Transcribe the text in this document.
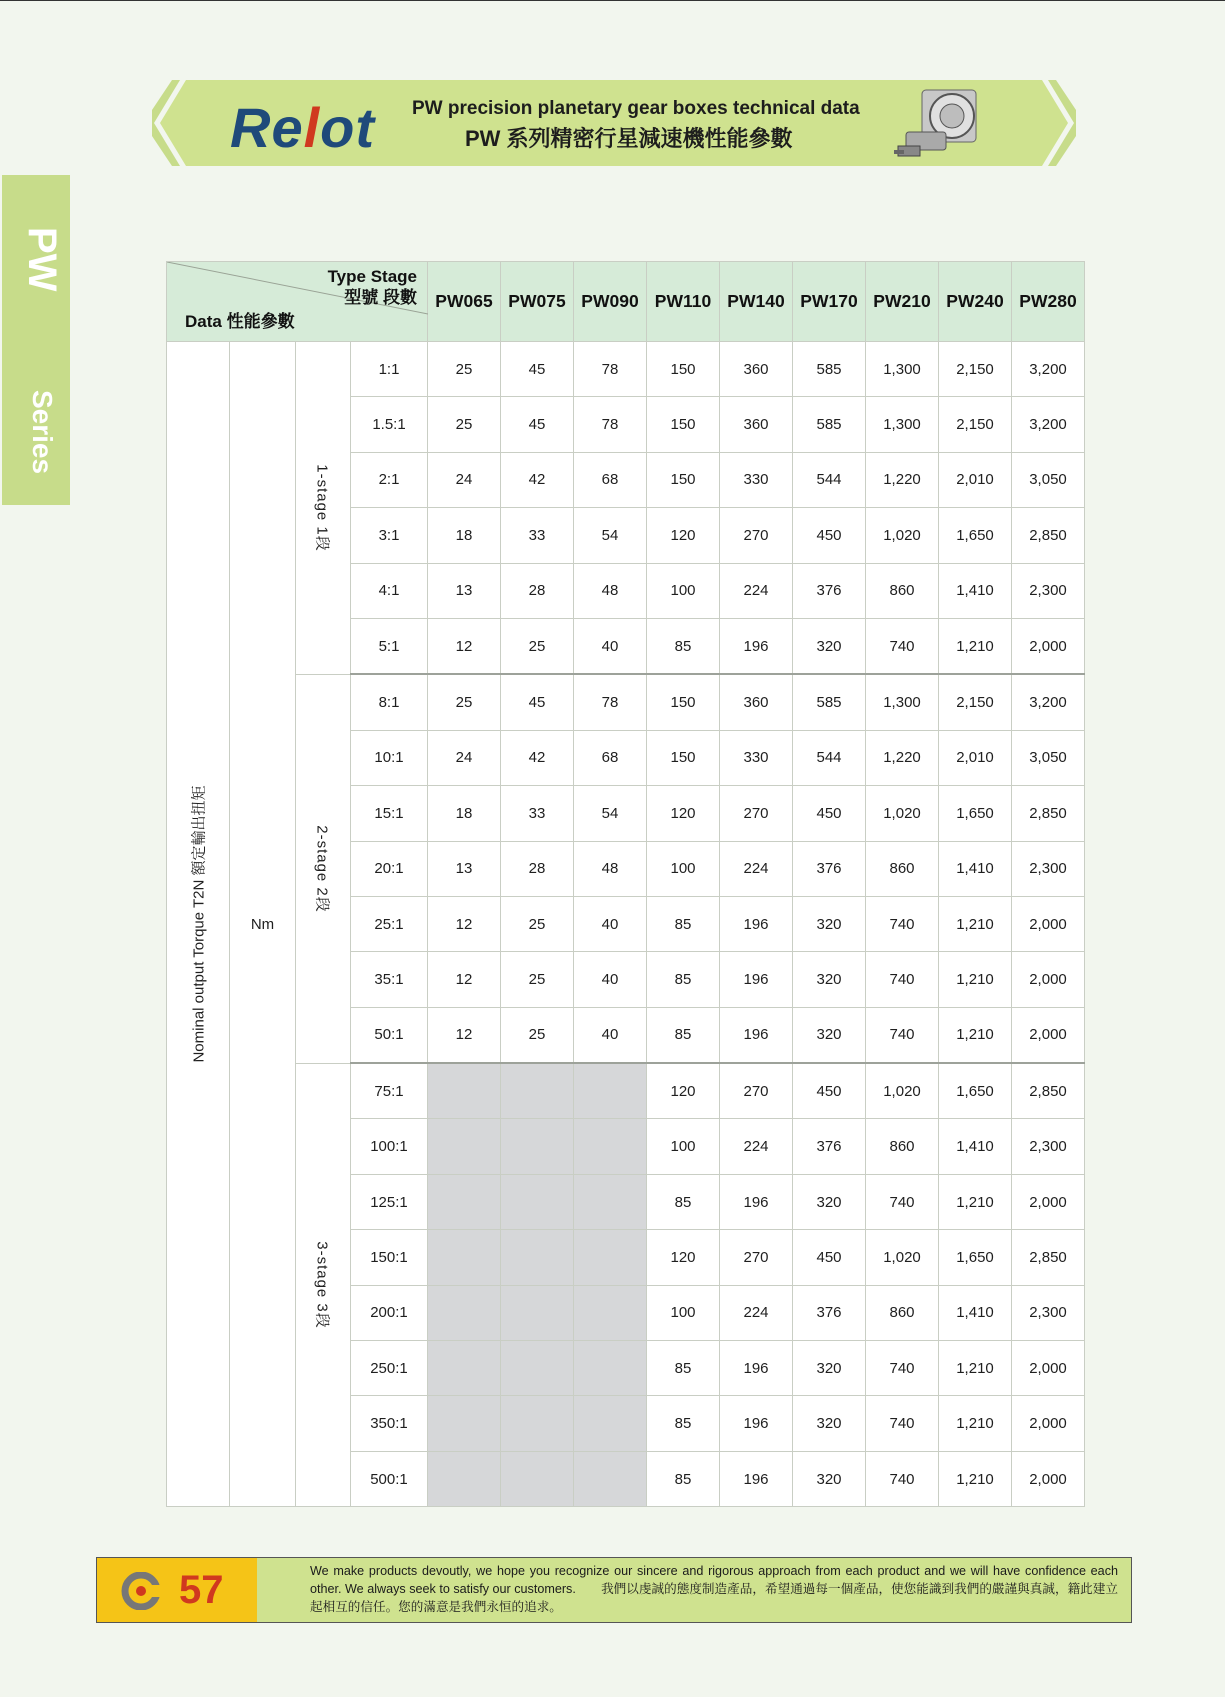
Relot PW precision planetary gear boxes technical data
PW 系列精密行星減速機性能參數
PW
Series
Type Stage
型號 段數
Data 性能參數				PW065	PW075	PW090	PW110	PW140	PW170	PW210	PW240	PW280

Nominal output Torque T2N 額定輸出扭矩	Nm	1-stage 1段	1:1	25	45	78	150	360	585	1,300	2,150	3,200
			1.5:1	25	45	78	150	360	585	1,300	2,150	3,200
			2:1	24	42	68	150	330	544	1,220	2,010	3,050
			3:1	18	33	54	120	270	450	1,020	1,650	2,850
			4:1	13	28	48	100	224	376	860	1,410	2,300
			5:1	12	25	40	85	196	320	740	1,210	2,000

		2-stage 2段	8:1	25	45	78	150	360	585	1,300	2,150	3,200
			10:1	24	42	68	150	330	544	1,220	2,010	3,050
			15:1	18	33	54	120	270	450	1,020	1,650	2,850
			20:1	13	28	48	100	224	376	860	1,410	2,300
			25:1	12	25	40	85	196	320	740	1,210	2,000
			35:1	12	25	40	85	196	320	740	1,210	2,000
			50:1	12	25	40	85	196	320	740	1,210	2,000

		3-stage 3段	75:1				120	270	450	1,020	1,650	2,850
			100:1				100	224	376	860	1,410	2,300
			125:1				85	196	320	740	1,210	2,000
			150:1				120	270	450	1,020	1,650	2,850
			200:1				100	224	376	860	1,410	2,300
			250:1				85	196	320	740	1,210	2,000
			350:1				85	196	320	740	1,210	2,000
			500:1				85	196	320	740	1,210	2,000
57	We make products devoutly, we hope you recognize our sincere and rigorous approach from each product and we will have confidence each other. We always seek to satisfy our customers.　　我們以虔誠的態度制造產品，希望通過每一個產品，使您能識到我們的嚴謹與真誠，籍此建立起相互的信任。您的滿意是我們永恒的追求。
